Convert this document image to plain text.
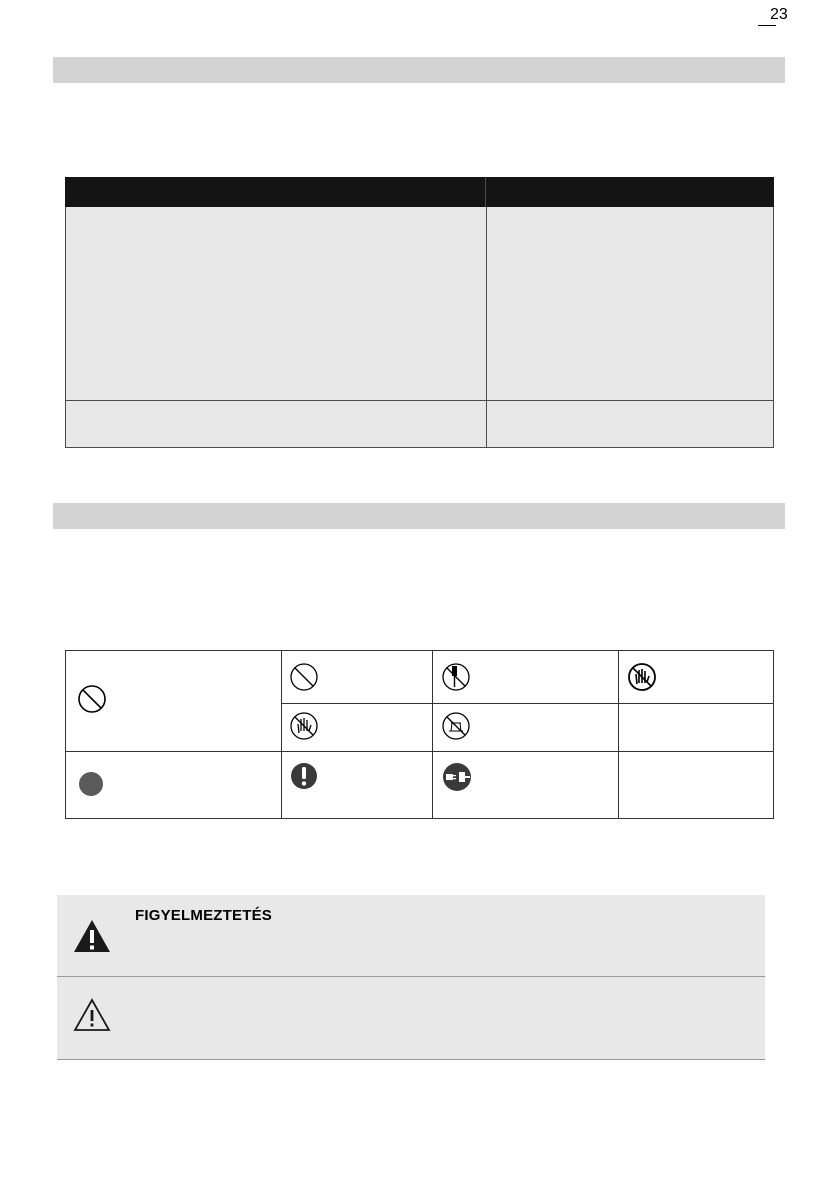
23
FIGYELMEZTETÉS
